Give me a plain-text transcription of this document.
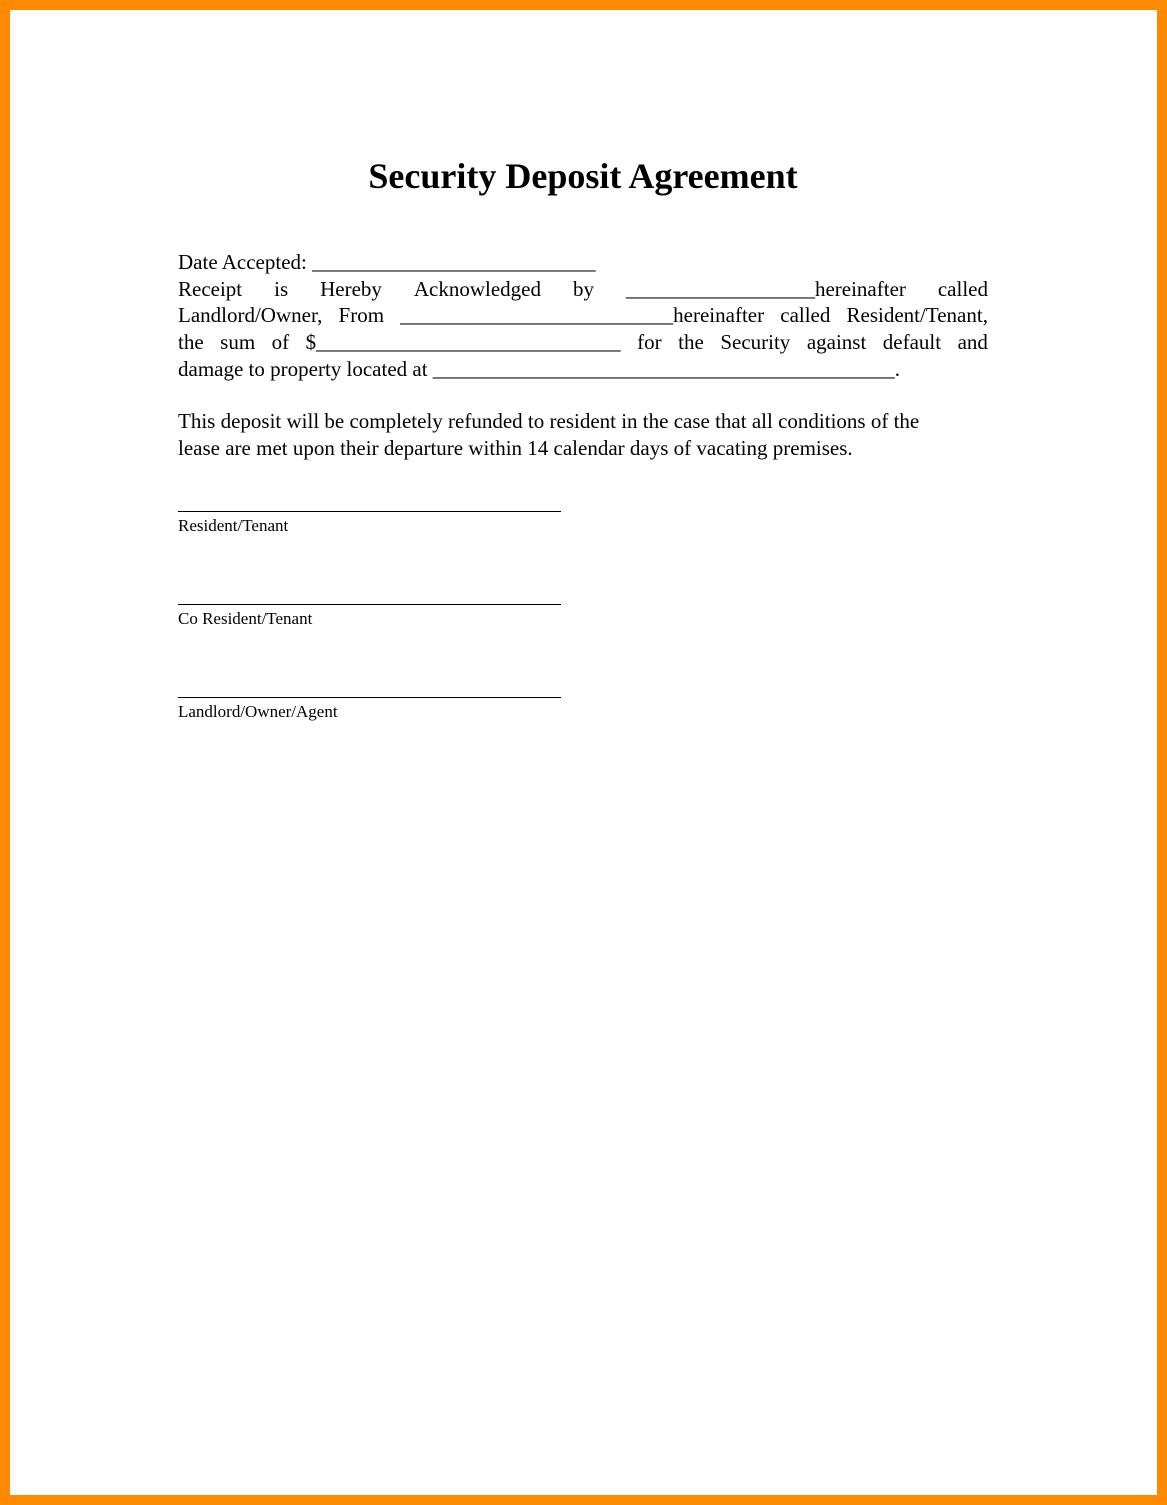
Security Deposit Agreement
Date Accepted: ___________________________
Receipt is Hereby Acknowledged by __________________hereinafter called
Landlord/Owner, From __________________________hereinafter called Resident/Tenant,
the sum of $_____________________________ for the Security against default and
damage to property located at ____________________________________________.
This deposit will be completely refunded to resident in the case that all conditions of the
lease are met upon their departure within 14 calendar days of vacating premises.
Resident/Tenant
Co Resident/Tenant
Landlord/Owner/Agent
